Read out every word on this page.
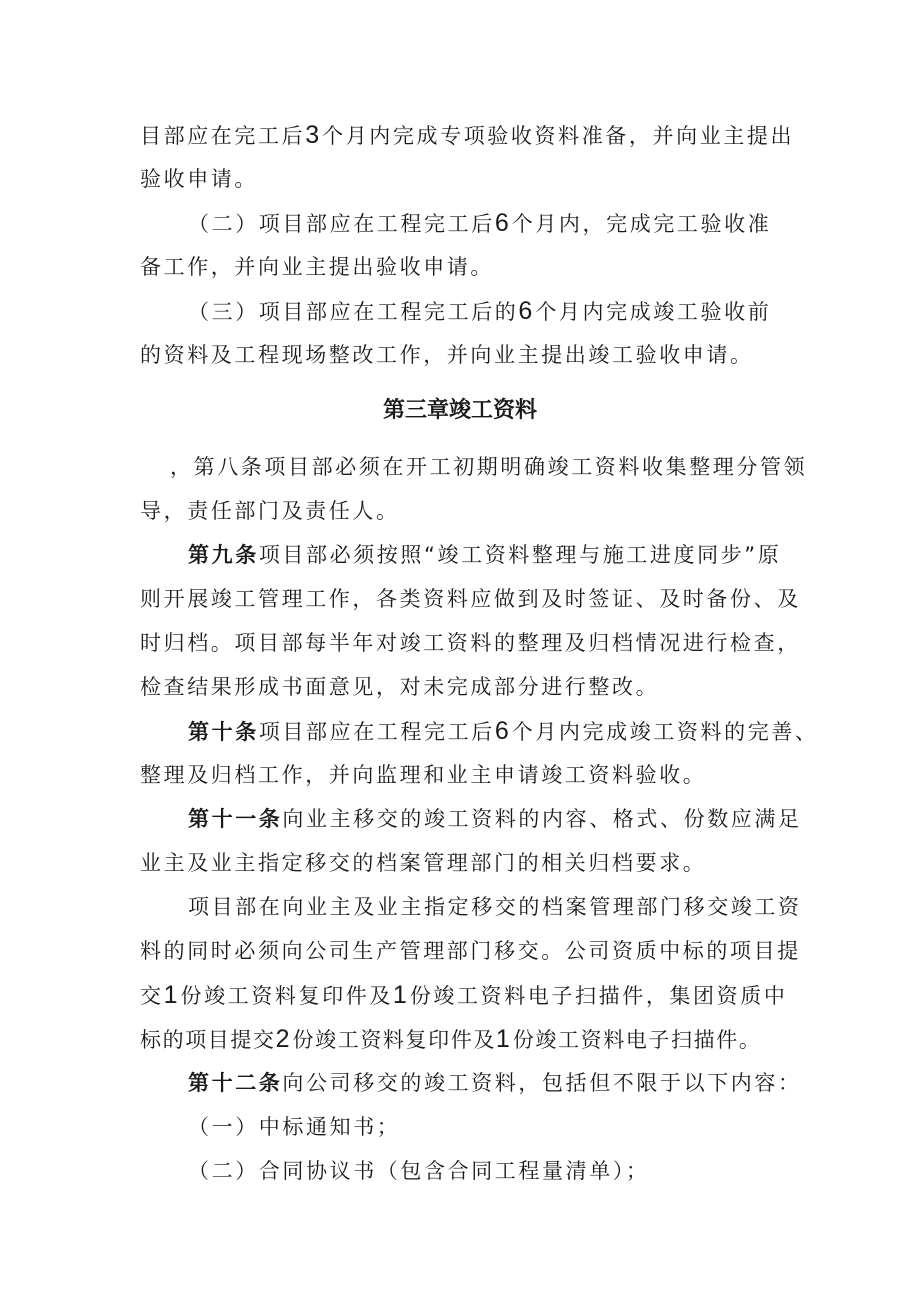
目部应在完工后3个月内完成专项验收资料准备，并向业主提出
验收申请。
（二）项目部应在工程完工后6个月内，完成完工验收准
备工作，并向业主提出验收申请。
（三）项目部应在工程完工后的6个月内完成竣工验收前
的资料及工程现场整改工作，并向业主提出竣工验收申请。
第三章竣工资料
，第八条项目部必须在开工初期明确竣工资料收集整理分管领
导，责任部门及责任人。
第九条项目部必须按照“竣工资料整理与施工进度同步”原
则开展竣工管理工作，各类资料应做到及时签证、及时备份、及
时归档。项目部每半年对竣工资料的整理及归档情况进行检查，
检查结果形成书面意见，对未完成部分进行整改。
第十条项目部应在工程完工后6个月内完成竣工资料的完善、
整理及归档工作，并向监理和业主申请竣工资料验收。
第十一条向业主移交的竣工资料的内容、格式、份数应满足
业主及业主指定移交的档案管理部门的相关归档要求。
项目部在向业主及业主指定移交的档案管理部门移交竣工资
料的同时必须向公司生产管理部门移交。公司资质中标的项目提
交1份竣工资料复印件及1份竣工资料电子扫描件，集团资质中
标的项目提交2份竣工资料复印件及1份竣工资料电子扫描件。
第十二条向公司移交的竣工资料，包括但不限于以下内容：
（一）中标通知书；
（二）合同协议书（包含合同工程量清单）；
